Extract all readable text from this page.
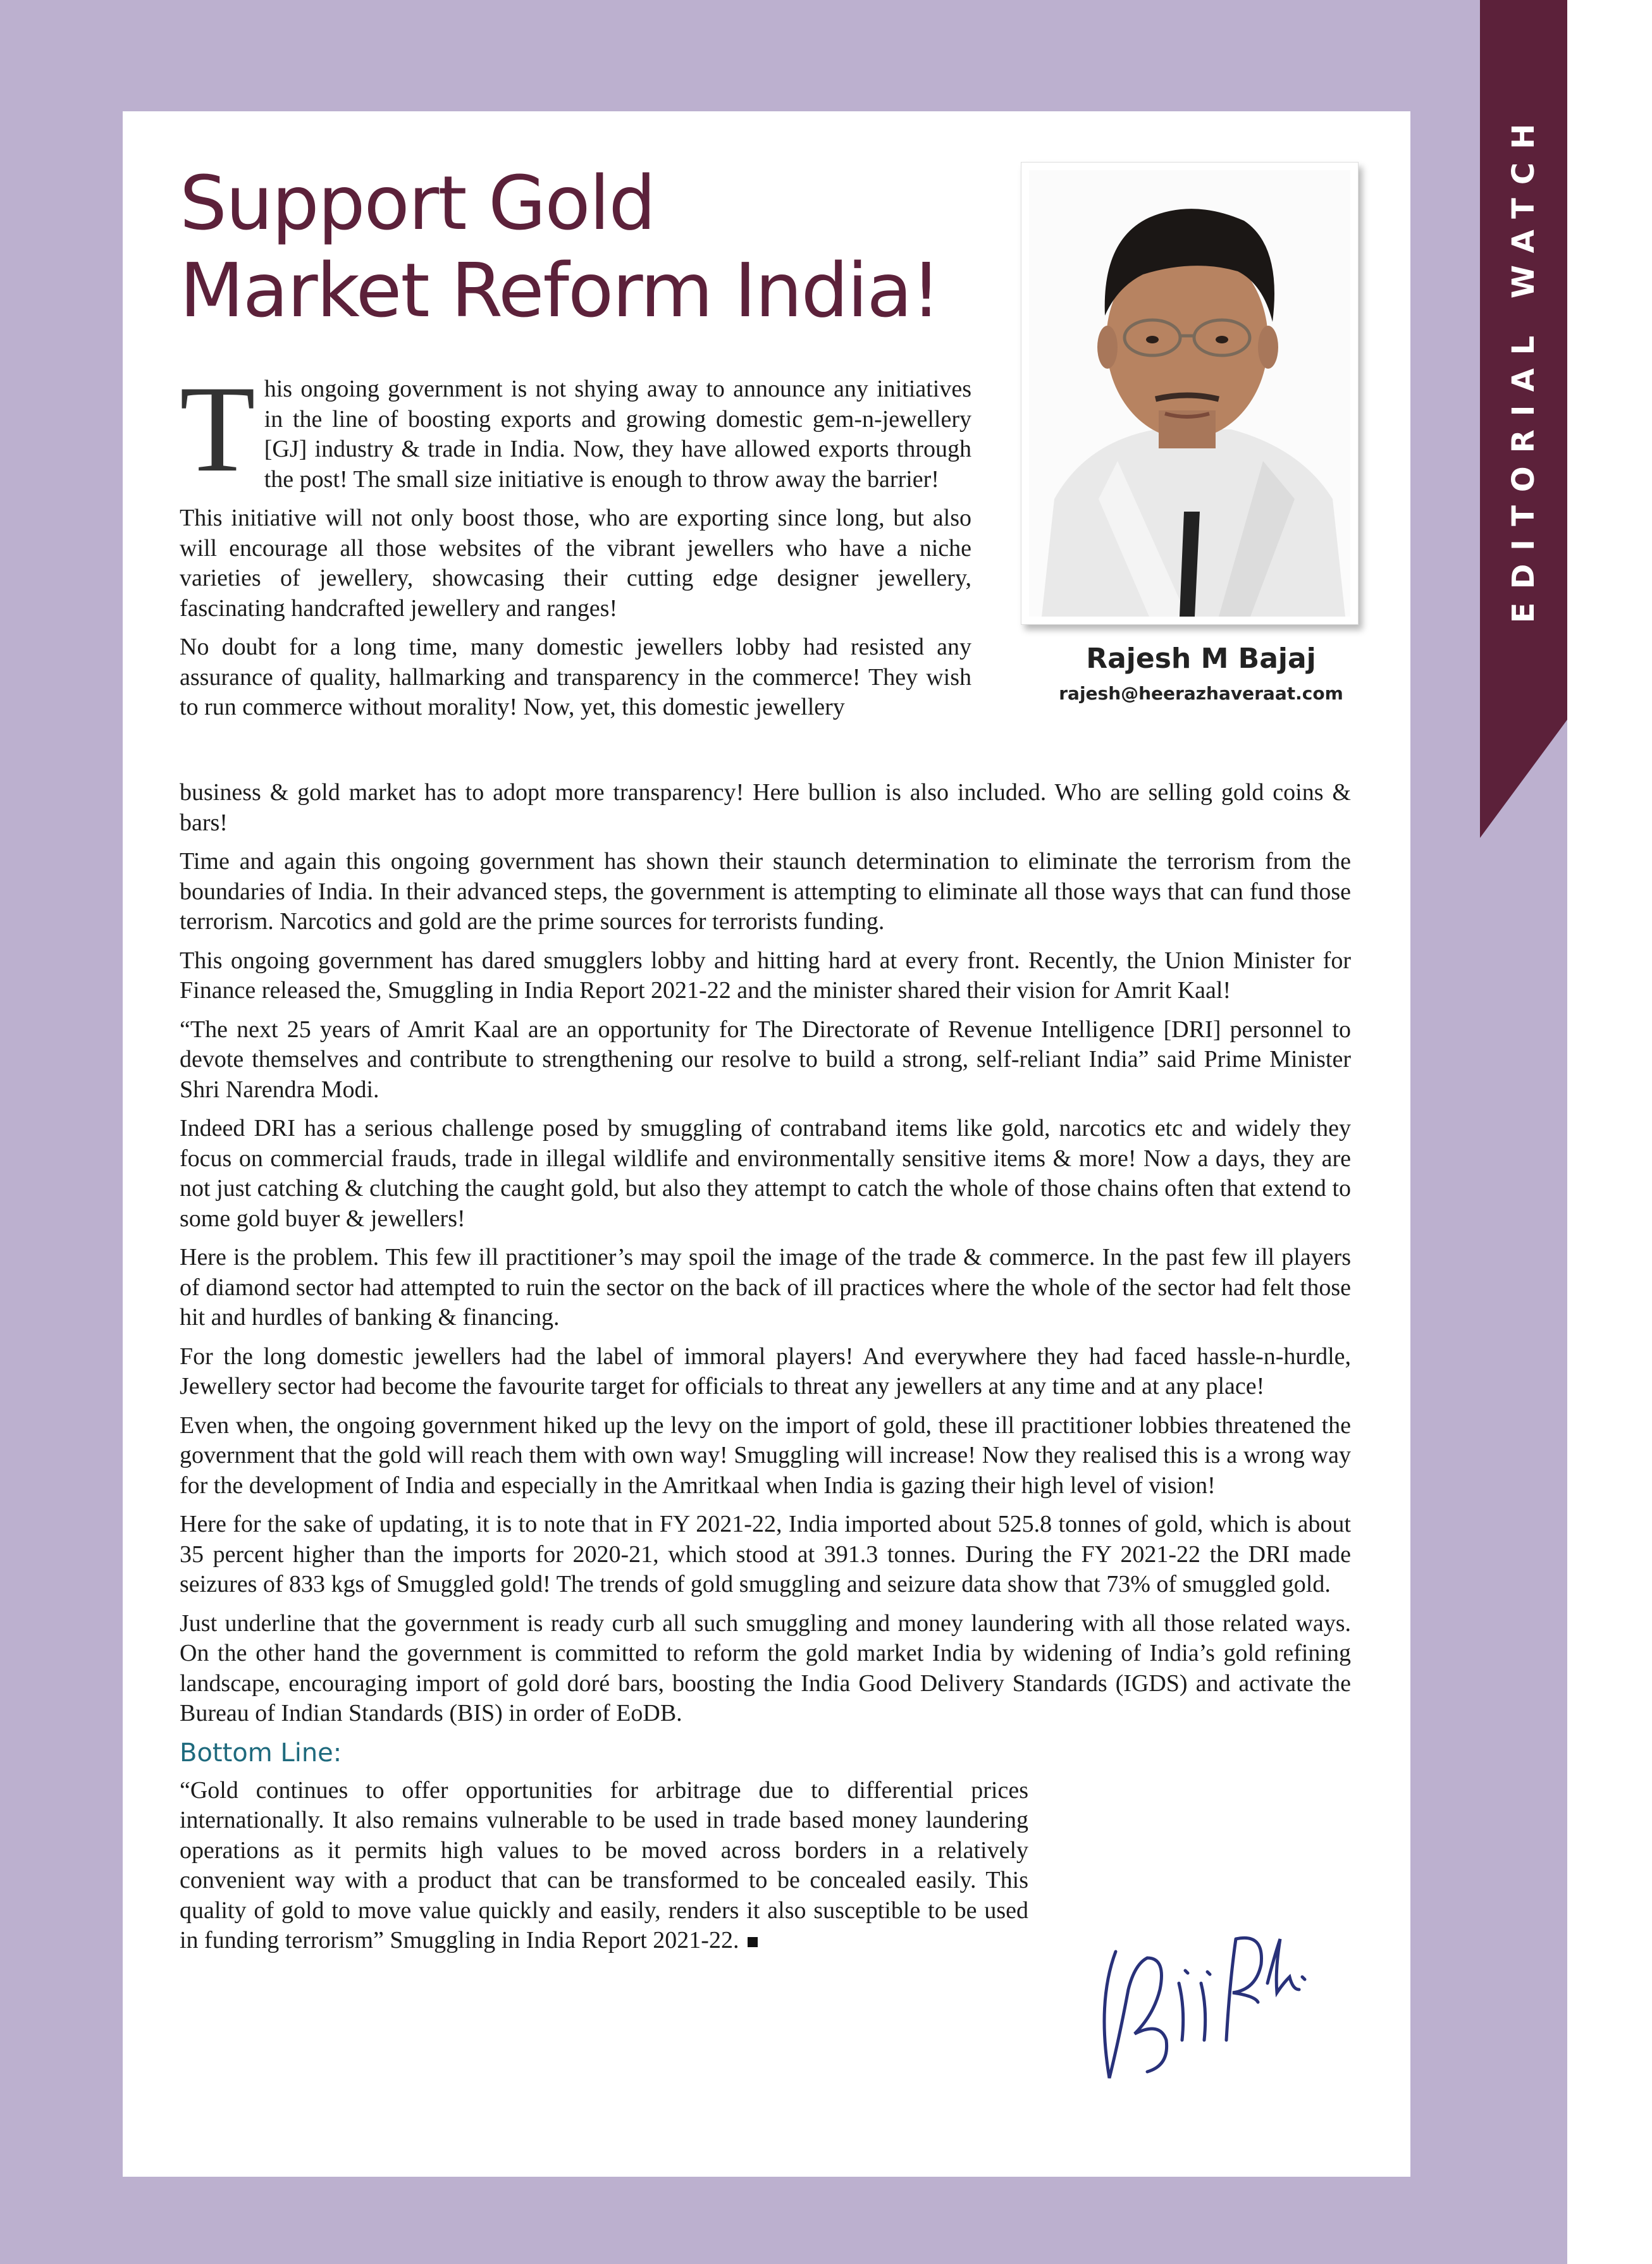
EDITORIAL WATCH
Support Gold
Market Reform India!

This ongoing government is not shying away to announce any initiatives in the line of boosting exports and growing domestic gem-n-jewellery [GJ] industry & trade in India. Now, they have allowed exports through the post! The small size initiative is enough to throw away the barrier!

This initiative will not only boost those, who are exporting since long, but also will encourage all those websites of the vibrant jewellers who have a niche varieties of jewellery, showcasing their cutting edge designer jewellery, fascinating handcrafted jewellery and ranges!

No doubt for a long time, many domestic jewellers lobby had resisted any assurance of quality, hallmarking and transparency in the commerce! They wish to run commerce without morality! Now, yet, this domestic jewellery

Rajesh M Bajaj
rajesh@heerazhaveraat.com

business & gold market has to adopt more transparency! Here bullion is also included. Who are selling gold coins & bars!

Time and again this ongoing government has shown their staunch determination to eliminate the terrorism from the boundaries of India. In their advanced steps, the government is attempting to eliminate all those ways that can fund those terrorism. Narcotics and gold are the prime sources for terrorists funding.

This ongoing government has dared smugglers lobby and hitting hard at every front. Recently, the Union Minister for Finance released the, Smuggling in India Report 2021-22 and the minister shared their vision for Amrit Kaal!

“The next 25 years of Amrit Kaal are an opportunity for The Directorate of Revenue Intelligence [DRI] personnel to devote themselves and contribute to strengthening our resolve to build a strong, self-reliant India” said Prime Minister Shri Narendra Modi.

Indeed DRI has a serious challenge posed by smuggling of contraband items like gold, narcotics etc and widely they focus on commercial frauds, trade in illegal wildlife and environmentally sensitive items & more! Now a days, they are not just catching & clutching the caught gold, but also they attempt to catch the whole of those chains often that extend to some gold buyer & jewellers!

Here is the problem. This few ill practitioner’s may spoil the image of the trade & commerce. In the past few ill players of diamond sector had attempted to ruin the sector on the back of ill practices where the whole of the sector had felt those hit and hurdles of banking & financing.

For the long domestic jewellers had the label of immoral players! And everywhere they had faced hassle-n-hurdle, Jewellery sector had become the favourite target for officials to threat any jewellers at any time and at any place!

Even when, the ongoing government hiked up the levy on the import of gold, these ill practitioner lobbies threatened the government that the gold will reach them with own way! Smuggling will increase! Now they realised this is a wrong way for the development of India and especially in the Amritkaal when India is gazing their high level of vision!

Here for the sake of updating, it is to note that in FY 2021-22, India imported about 525.8 tonnes of gold, which is about 35 percent higher than the imports for 2020-21, which stood at 391.3 tonnes. During the FY 2021-22 the DRI made seizures of 833 kgs of Smuggled gold! The trends of gold smuggling and seizure data show that 73% of smuggled gold.

Just underline that the government is ready curb all such smuggling and money laundering with all those related ways. On the other hand the government is committed to reform the gold market India by widening of India’s gold refining landscape, encouraging import of gold doré bars, boosting the India Good Delivery Standards (IGDS) and activate the Bureau of Indian Standards (BIS) in order of EoDB.

Bottom Line:

“Gold continues to offer opportunities for arbitrage due to differential prices internationally. It also remains vulnerable to be used in trade based money laundering operations as it permits high values to be moved across borders in a relatively convenient way with a product that can be transformed to be concealed easily. This quality of gold to move value quickly and easily, renders it also susceptible to be used in funding terrorism” Smuggling in India Report 2021-22.
